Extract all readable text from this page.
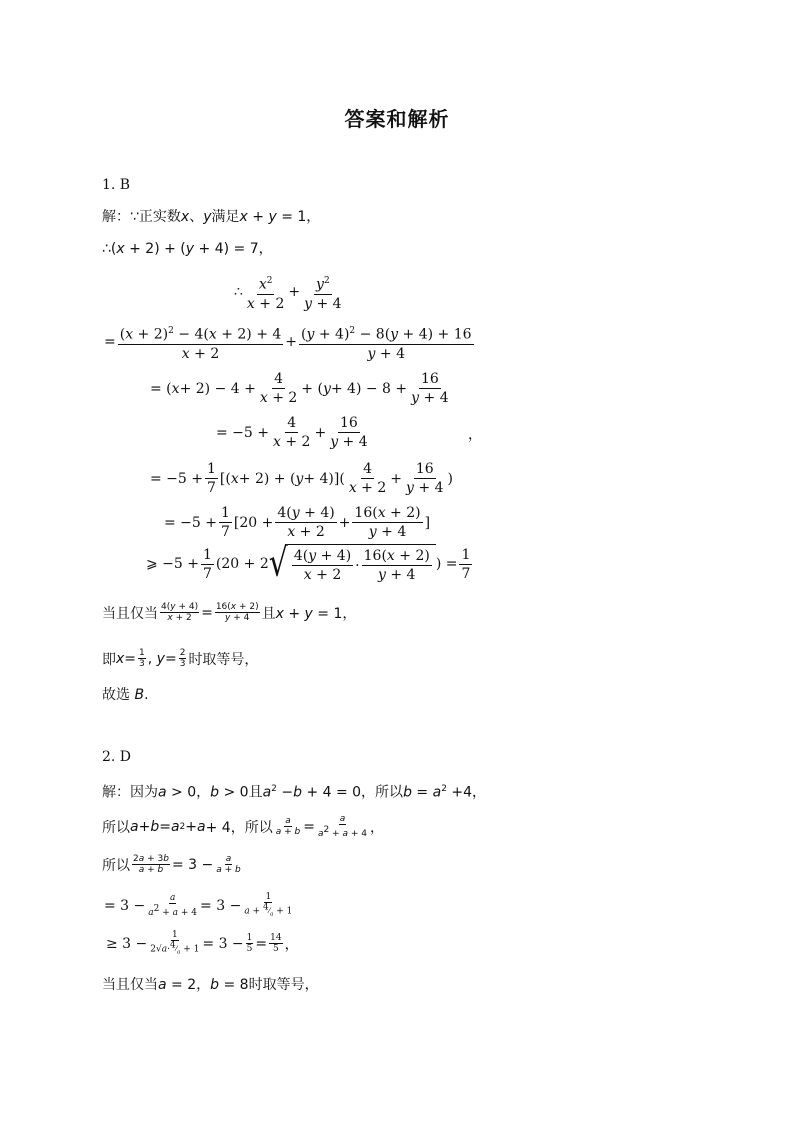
答案和解析
1. B
解：∵正实数x、y满足x + y = 1，
∴(x + 2) + (y + 4) = 7，
∴ $\frac{x^2}{x + 2} + \frac{y^2}{y + 4}$
= $\frac{(x + 2)^2 - 4(x + 2) + 4}{x + 2} + \frac{(y + 4)^2 - 8(y + 4) + 16}{y + 4}$
= ( $x + 2) - 4 + \frac{4}{x + 2}$ + ( $y + 4) - 8 + \frac{16}{y + 4}$
= $-5 + \frac{4}{x + 2} + \frac{16}{y + 4}$	，
= $-5 + \frac{1}{7}$ [( x + 2) + ( $y + 4)]( \frac{4}{x + 2} + \frac{16}{y + 4}$ )
= $-5 + \frac{1}{7} [20 + \frac{4(y + 4)}{x + 2} + \frac{16(x + 2)}{y + 4}$ ]
⩾ $-5 + \frac{1}{7} (20 + 2$ √ $\frac{4(y + 4)}{x + 2} \cdot \frac{16(x + 2)}{y + 4}$ ) = $\frac{1}{7}$
当且仅当 4(y + 4)
x + 2 = 16(x + 2)
y + 4 且x + y = 1，
即 x = 1
3 , y = 2
3 时取等号，
故选 B.
2. D
解：因为a > 0，b > 0且$a^2 -b + 4 = 0$，所以$b = a^2 +4$，
所以 a + b = a 2 + a + 4，所以 a
a + b =	a
$a^2 + a + 4$ ，
所以 2a + 3b
a + b = 3 − a
a + b
= 3 −	a
$a^2 + a + 4 = 3$ −
1
$a + ^4⁄_a + 1$
≥ 3 −
1
$2√a\cdot^4⁄_a + 1 = 3 - 1$
5 = 14
5 ，
当且仅当a = 2，b = 8时取等号，
